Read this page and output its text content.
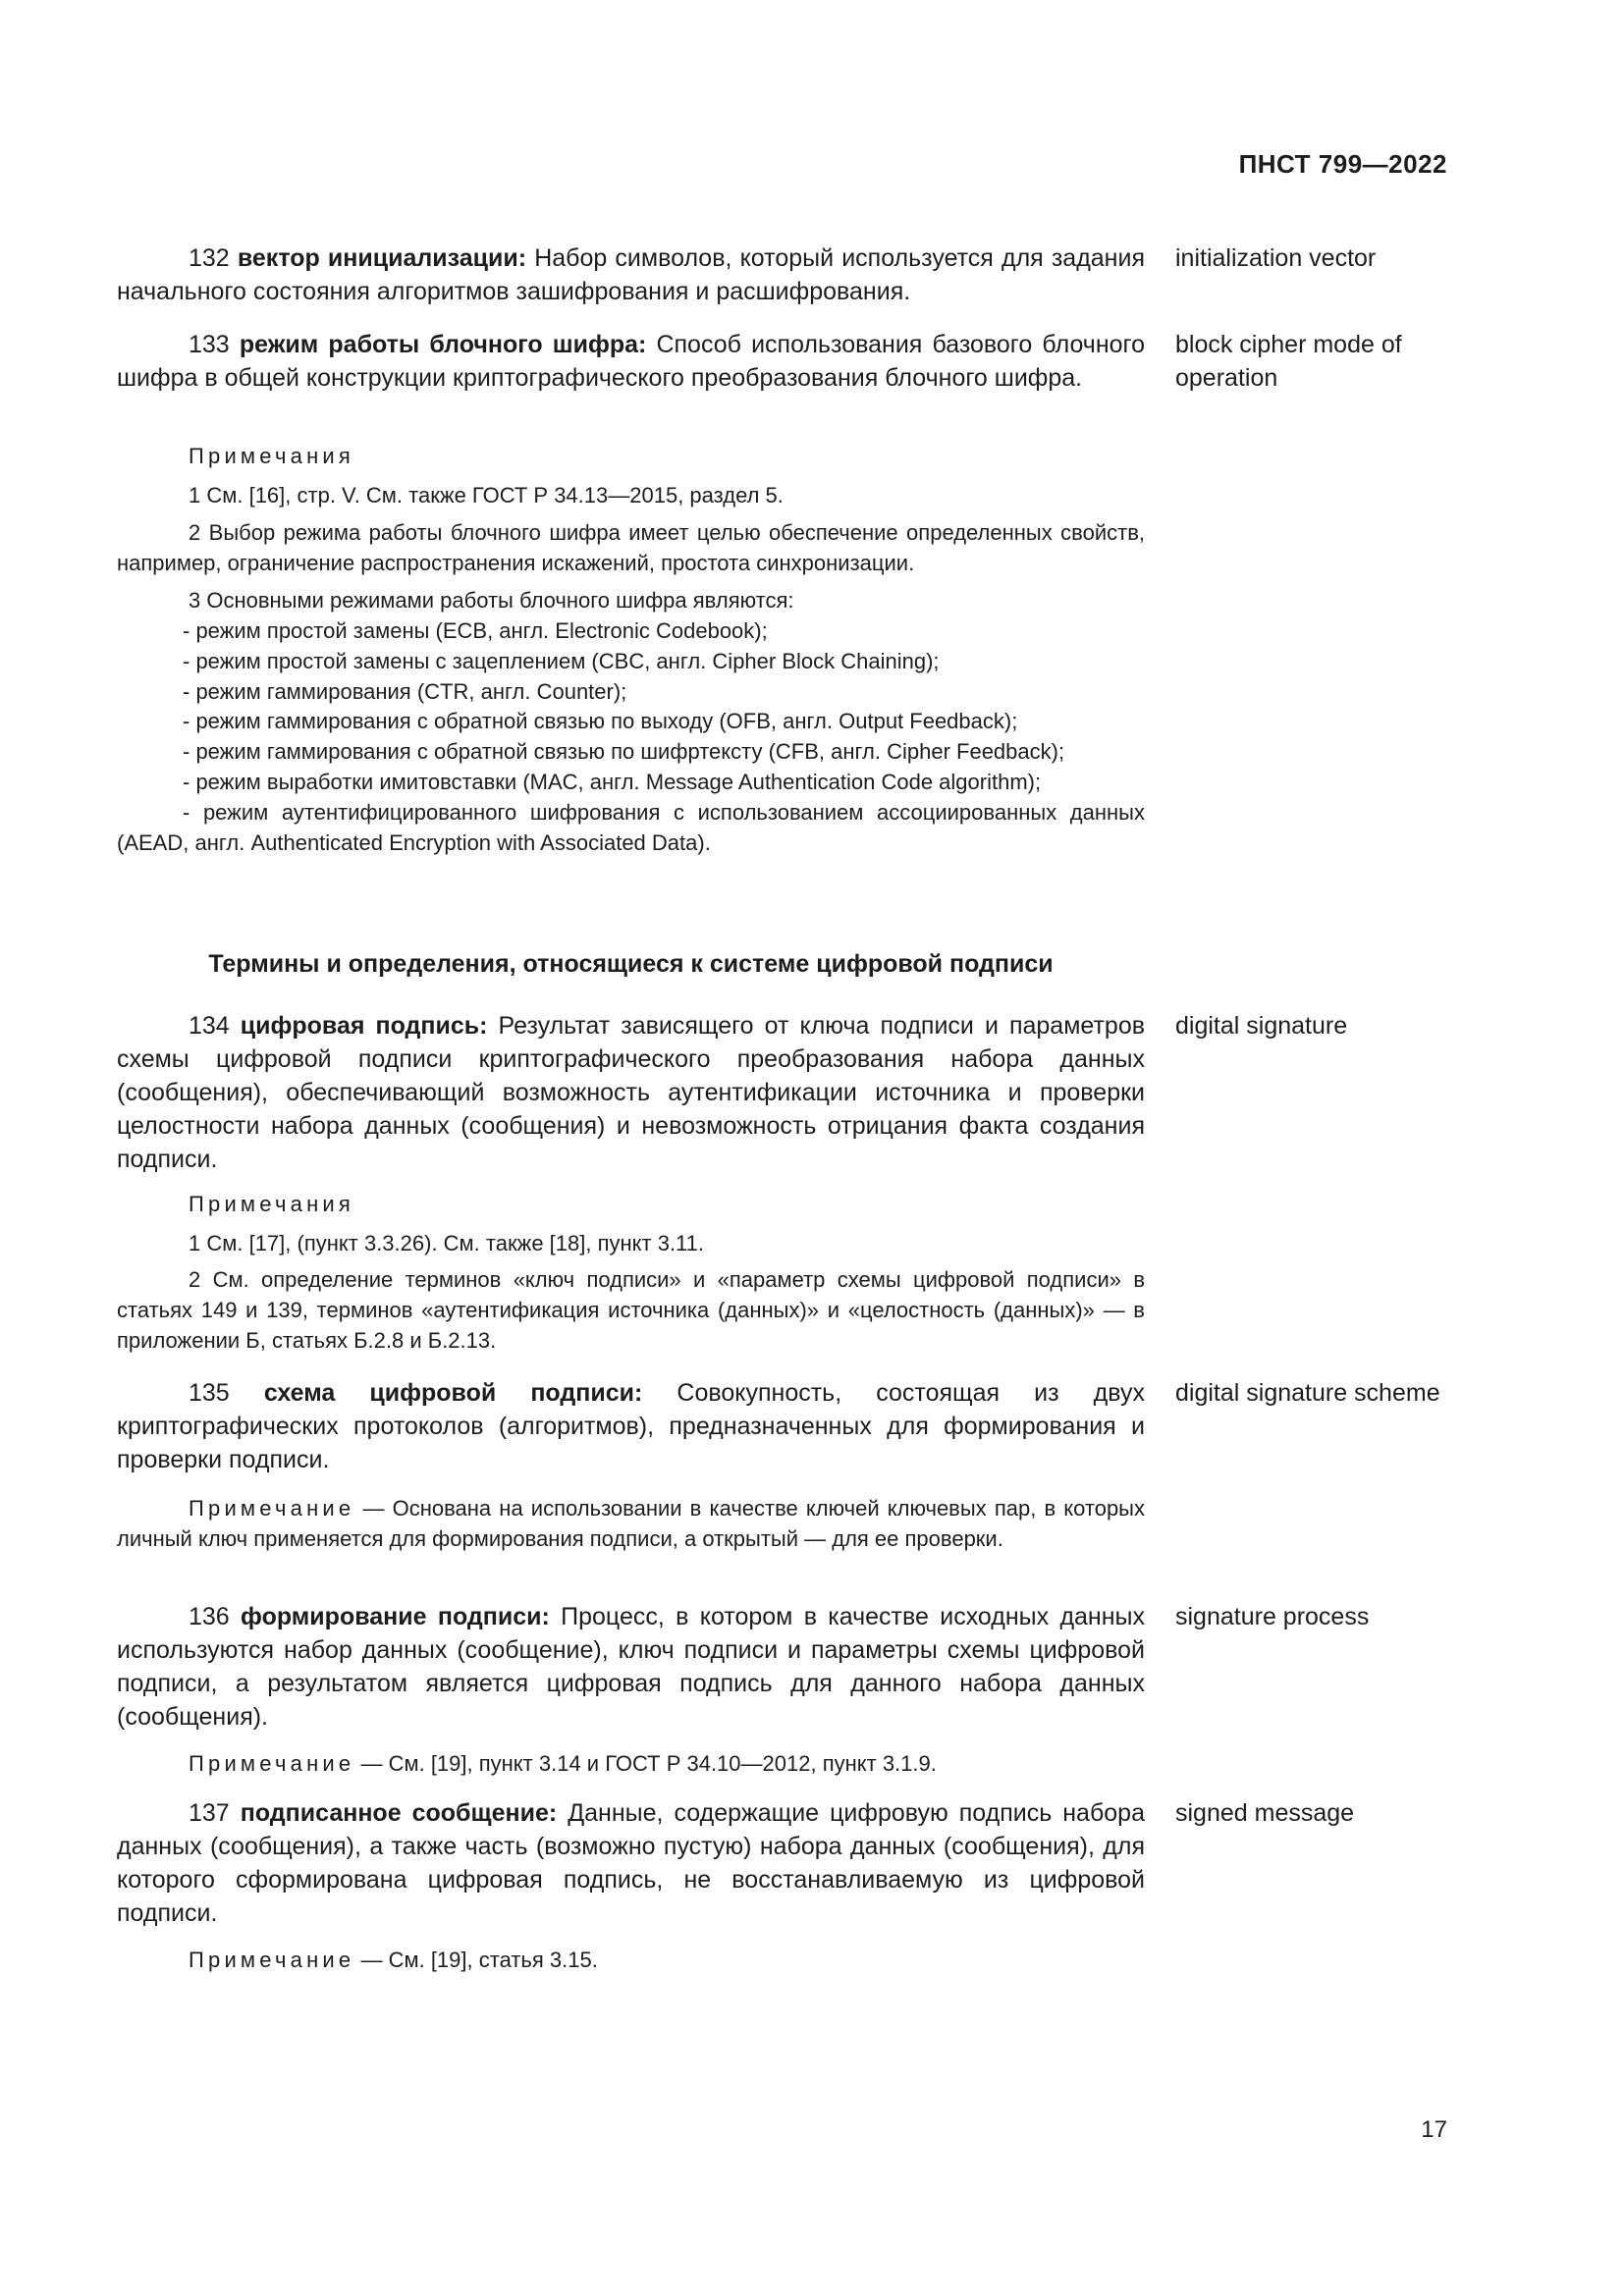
ПНСТ 799—2022
132 вектор инициализации: Набор символов, который используется для задания начального состояния алгоритмов зашифрования и расшифрования.
initialization vector
133 режим работы блочного шифра: Способ использования базового блочного шифра в общей конструкции криптографического преобразования блочного шифра.
block cipher mode of operation
Примечания
1 См. [16], стр. V. См. также ГОСТ Р 34.13—2015, раздел 5.
2 Выбор режима работы блочного шифра имеет целью обеспечение определенных свойств, например, ограничение распространения искажений, простота синхронизации.
3 Основными режимами работы блочного шифра являются:
- режим простой замены (ECB, англ. Electronic Codebook);
- режим простой замены с зацеплением (CBC, англ. Cipher Block Chaining);
- режим гаммирования (CTR, англ. Counter);
- режим гаммирования с обратной связью по выходу (OFB, англ. Output Feedback);
- режим гаммирования с обратной связью по шифртексту (CFB, англ. Cipher Feedback);
- режим выработки имитовставки (MAC, англ. Message Authentication Code algorithm);
- режим аутентифицированного шифрования с использованием ассоциированных данных (AEAD, англ. Authenticated Encryption with Associated Data).
Термины и определения, относящиеся к системе цифровой подписи
134 цифровая подпись: Результат зависящего от ключа подписи и параметров схемы цифровой подписи криптографического преобразования набора данных (сообщения), обеспечивающий возможность аутентификации источника и проверки целостности набора данных (сообщения) и невозможность отрицания факта создания подписи.
digital signature
Примечания
1 См. [17], (пункт 3.3.26). См. также [18], пункт 3.11.
2 См. определение терминов «ключ подписи» и «параметр схемы цифровой подписи» в статьях 149 и 139, терминов «аутентификация источника (данных)» и «целостность (данных)» — в приложении Б, статьях Б.2.8 и Б.2.13.
135 схема цифровой подписи: Совокупность, состоящая из двух криптографических протоколов (алгоритмов), предназначенных для формирования и проверки подписи.
digital signature scheme
Примечание — Основана на использовании в качестве ключей ключевых пар, в которых личный ключ применяется для формирования подписи, а открытый — для ее проверки.
136 формирование подписи: Процесс, в котором в качестве исходных данных используются набор данных (сообщение), ключ подписи и параметры схемы цифровой подписи, а результатом является цифровая подпись для данного набора данных (сообщения).
signature process
Примечание — См. [19], пункт 3.14 и ГОСТ Р 34.10—2012, пункт 3.1.9.
137 подписанное сообщение: Данные, содержащие цифровую подпись набора данных (сообщения), а также часть (возможно пустую) набора данных (сообщения), для которого сформирована цифровая подпись, не восстанавливаемую из цифровой подписи.
signed message
Примечание — См. [19], статья 3.15.
17
